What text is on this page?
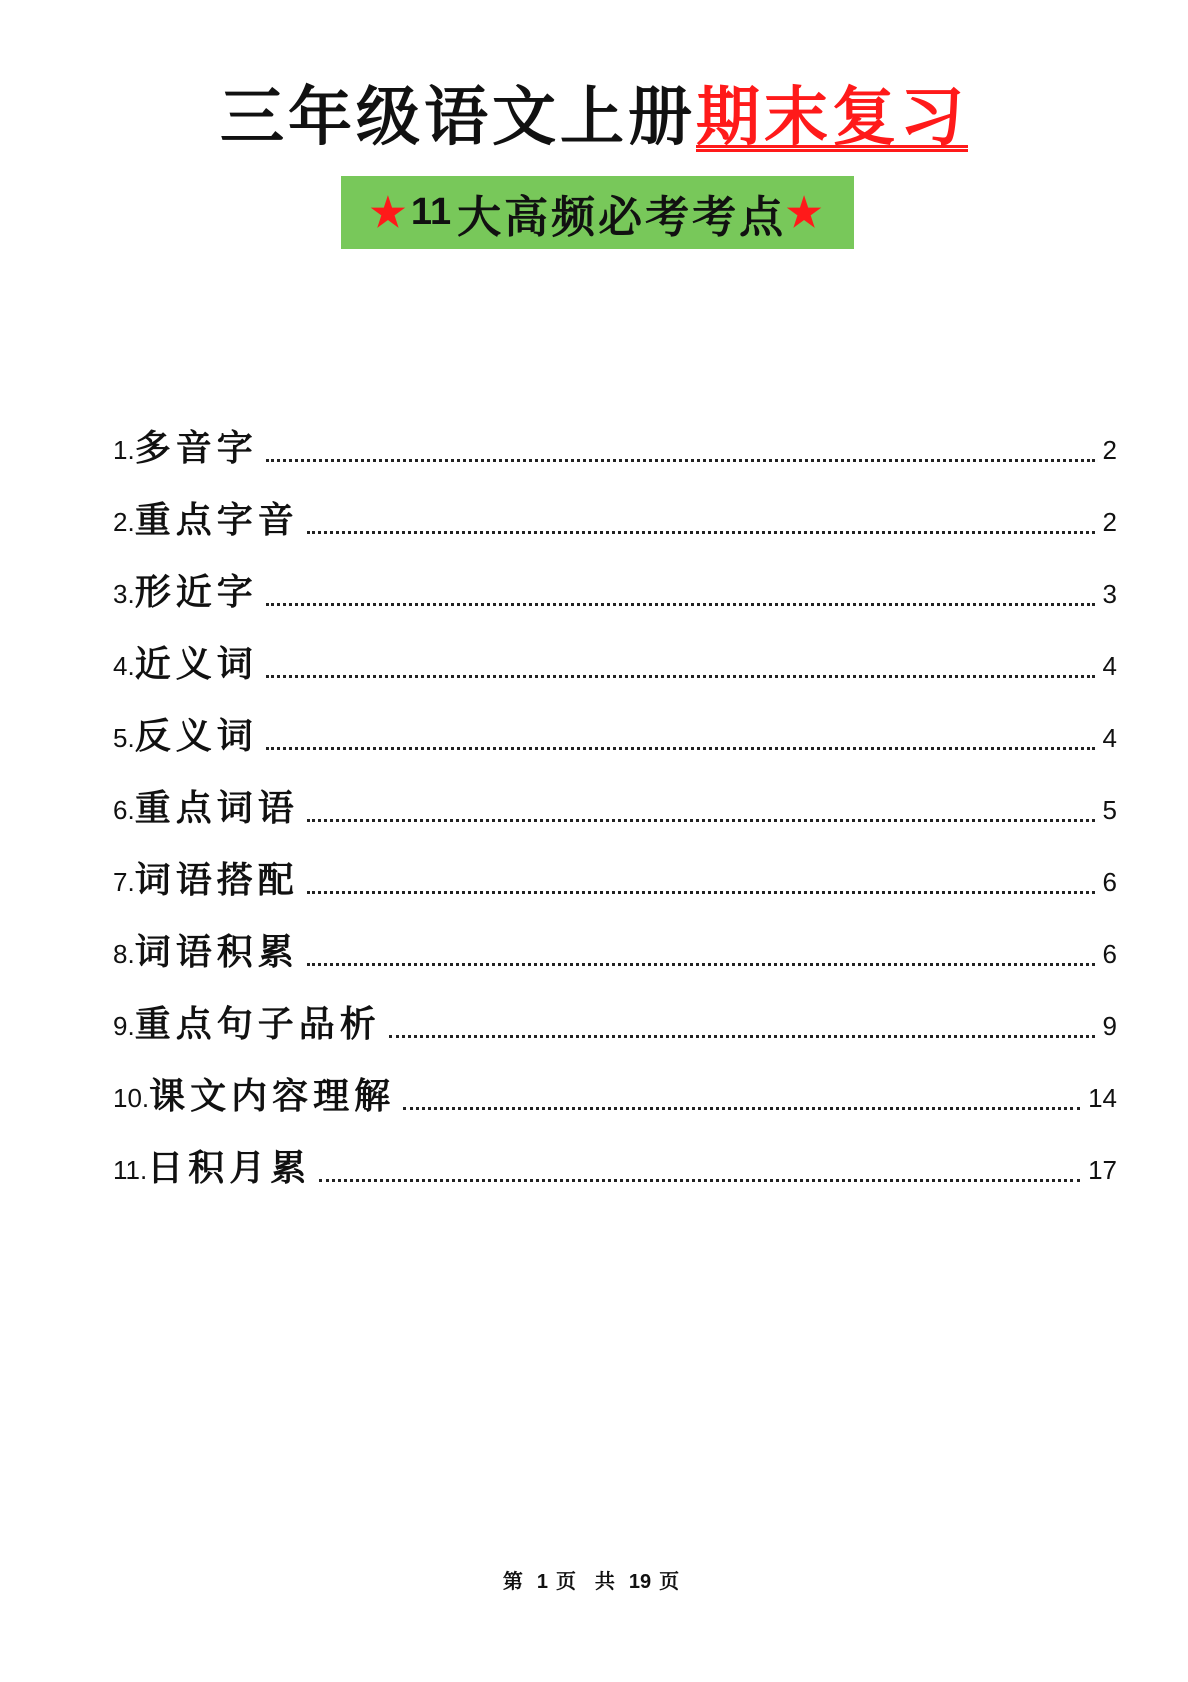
三年级语文上册期末复习
★ 11 大高频必考考点 ★
1. 多音字	2
2. 重点字音	2
3. 形近字	3
4. 近义词	4
5. 反义词	4
6. 重点词语	5
7. 词语搭配	6
8. 词语积累	6
9. 重点句子品析	9
10. 课文内容理解	14
11. 日积月累	17
第 1 页 共 19 页
